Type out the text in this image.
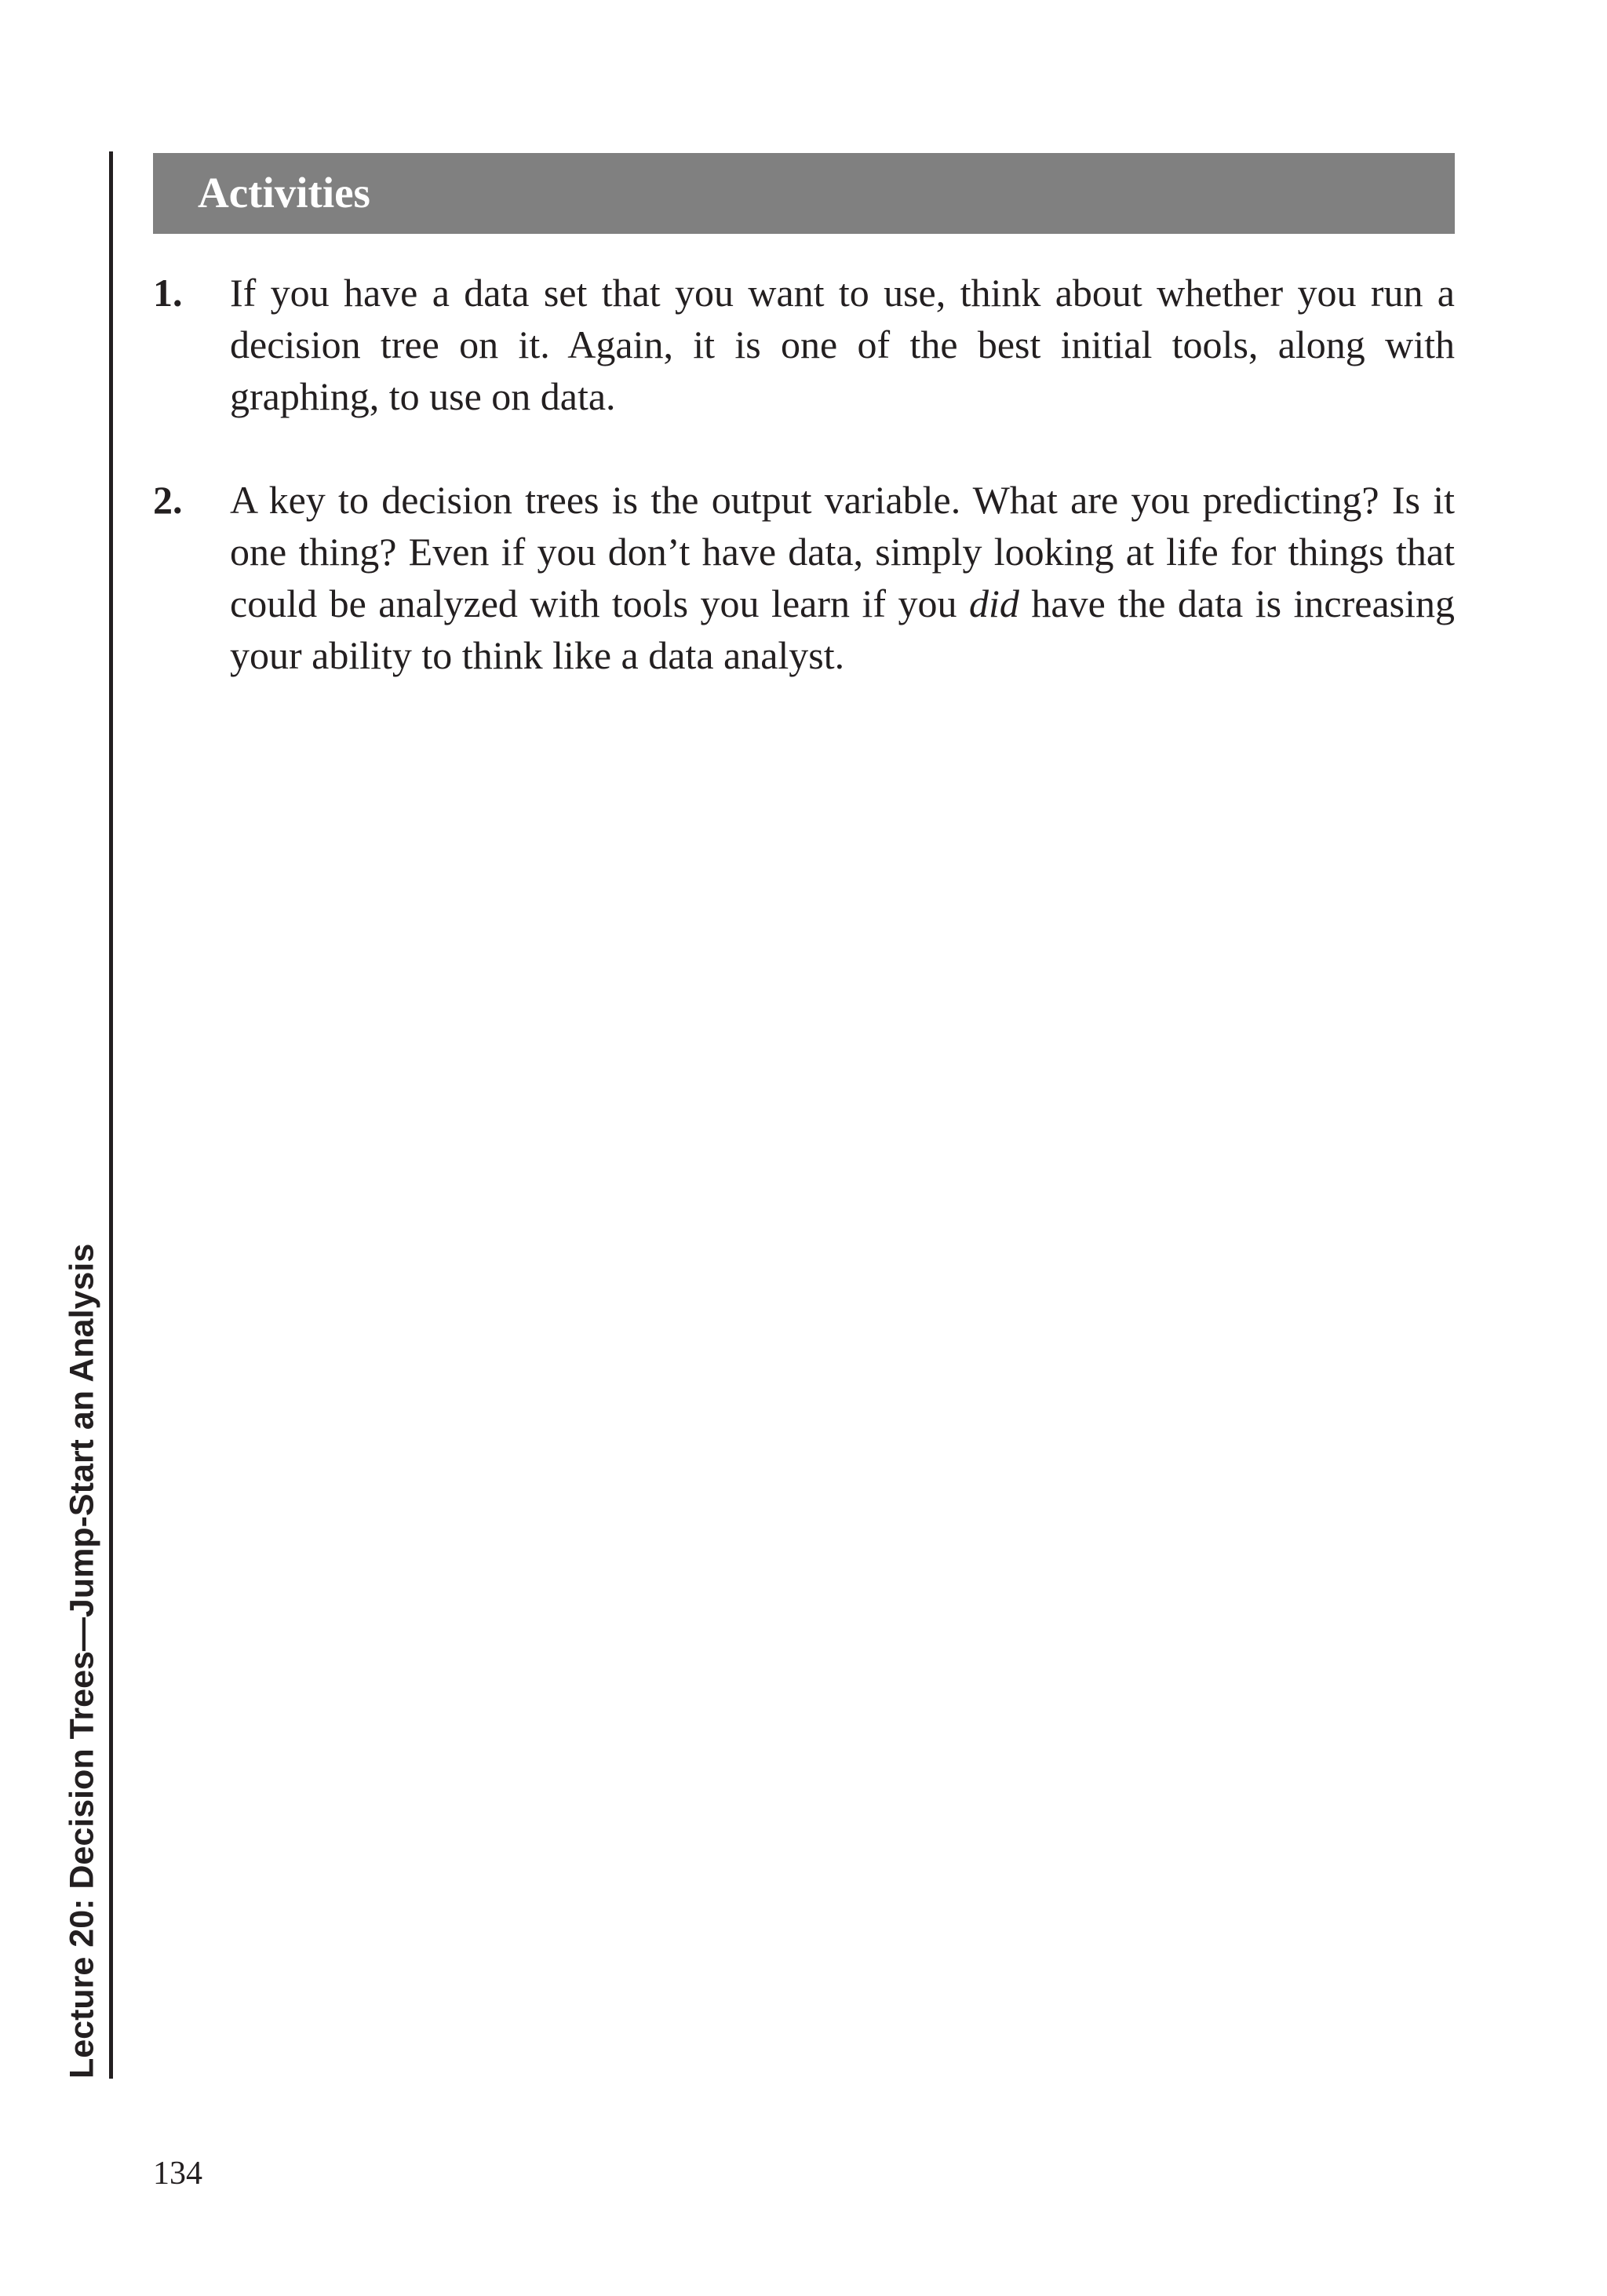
Lecture 20: Decision Trees—Jump-Start an Analysis
Activities
1. If you have a data set that you want to use, think about whether you run a decision tree on it. Again, it is one of the best initial tools, along with graphing, to use on data.
2. A key to decision trees is the output variable. What are you predicting? Is it one thing? Even if you don’t have data, simply looking at life for things that could be analyzed with tools you learn if you did have the data is increasing your ability to think like a data analyst.
134
